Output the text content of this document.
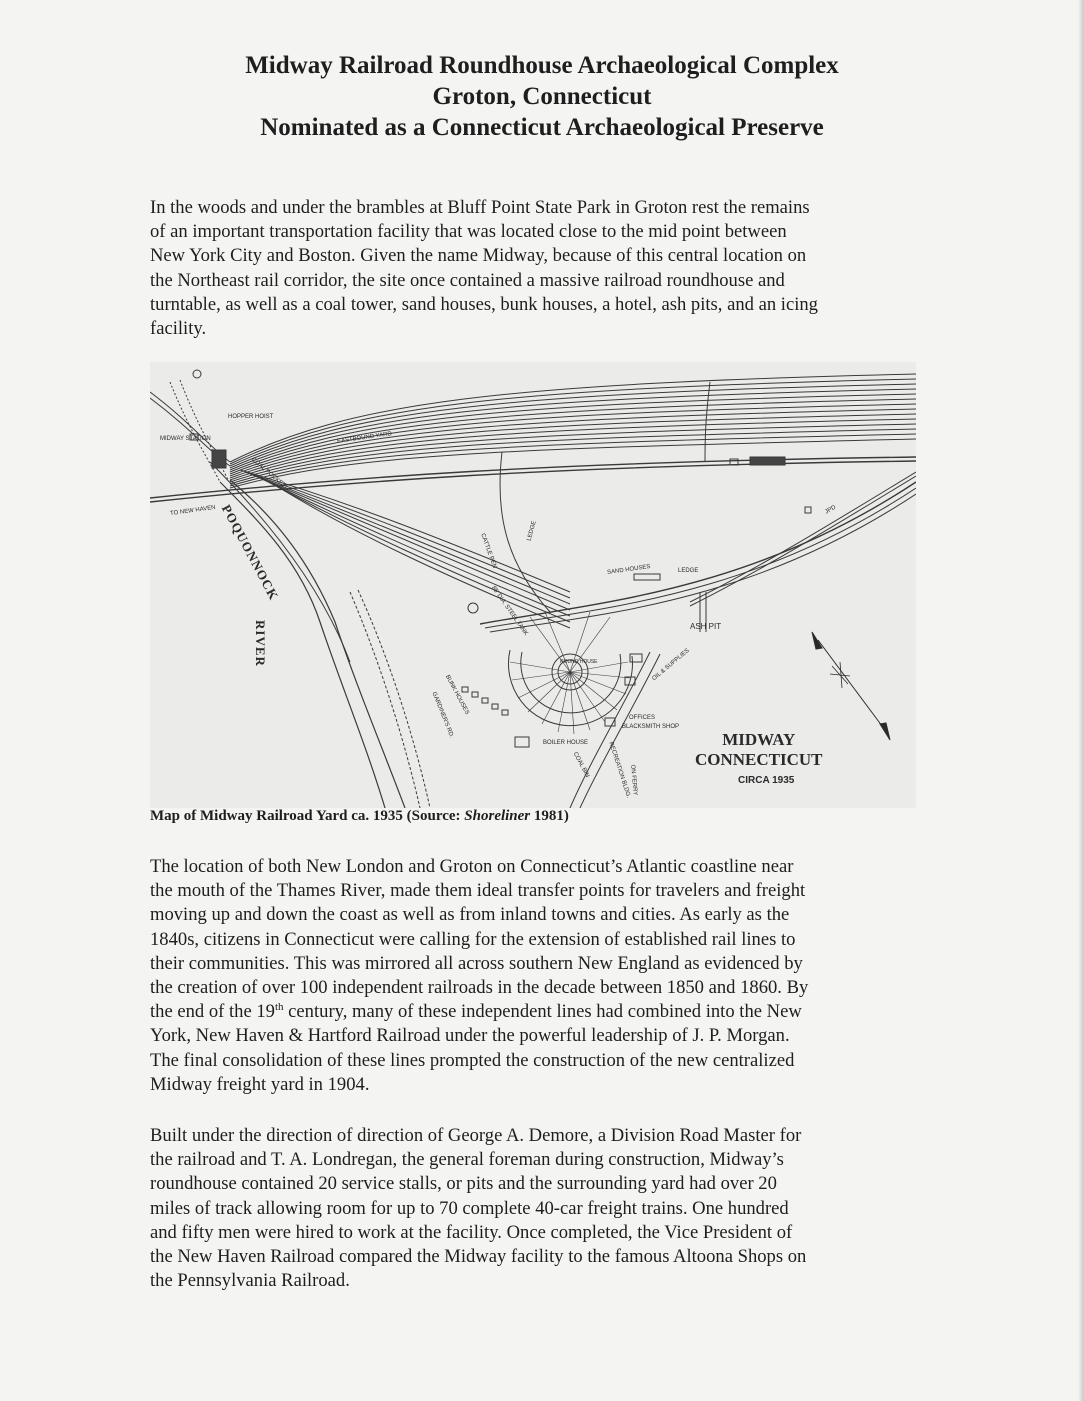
Midway Railroad Roundhouse Archaeological Complex
Groton, Connecticut
Nominated as a Connecticut Archaeological Preserve

In the woods and under the brambles at Bluff Point State Park in Groton rest the remains
of an important transportation facility that was located close to the mid point between
New York City and Boston. Given the name Midway, because of this central location on
the Northeast rail corridor, the site once contained a massive railroad roundhouse and
turntable, as well as a coal tower, sand houses, bunk houses, a hotel, ash pits, and an icing
facility.

MIDWAY
CONNECTICUT
CIRCA 1935
POQUONNOCK
RIVER
TO NEW HAVEN
MIDWAY STATION
HOPPER HOIST
EASTBOUND YARD
COAL POCKET
CATTLE PEN
LEDGE
SAND HOUSES	LEDGE
ASH PIT
OIL & SUPPLIES
85' DIA. STEEL TANK
BUNK HOUSES
GARDINER'S RD.
BOILER HOUSE
OFFICES
BLACKSMITH SHOP
COAL BIN	RECREATION BLDG.
ON FERRY
JPD
ROUND HOUSE
Map of Midway Railroad Yard ca. 1935 (Source: Shoreliner 1981)

The location of both New London and Groton on Connecticut’s Atlantic coastline near
the mouth of the Thames River, made them ideal transfer points for travelers and freight
moving up and down the coast as well as from inland towns and cities. As early as the
1840s, citizens in Connecticut were calling for the extension of established rail lines to
their communities. This was mirrored all across southern New England as evidenced by
the creation of over 100 independent railroads in the decade between 1850 and 1860. By
the end of the 19th century, many of these independent lines had combined into the New
York, New Haven & Hartford Railroad under the powerful leadership of J. P. Morgan.
The final consolidation of these lines prompted the construction of the new centralized
Midway freight yard in 1904.

Built under the direction of direction of George A. Demore, a Division Road Master for
the railroad and T. A. Londregan, the general foreman during construction, Midway’s
roundhouse contained 20 service stalls, or pits and the surrounding yard had over 20
miles of track allowing room for up to 70 complete 40-car freight trains. One hundred
and fifty men were hired to work at the facility. Once completed, the Vice President of
the New Haven Railroad compared the Midway facility to the famous Altoona Shops on
the Pennsylvania Railroad.
